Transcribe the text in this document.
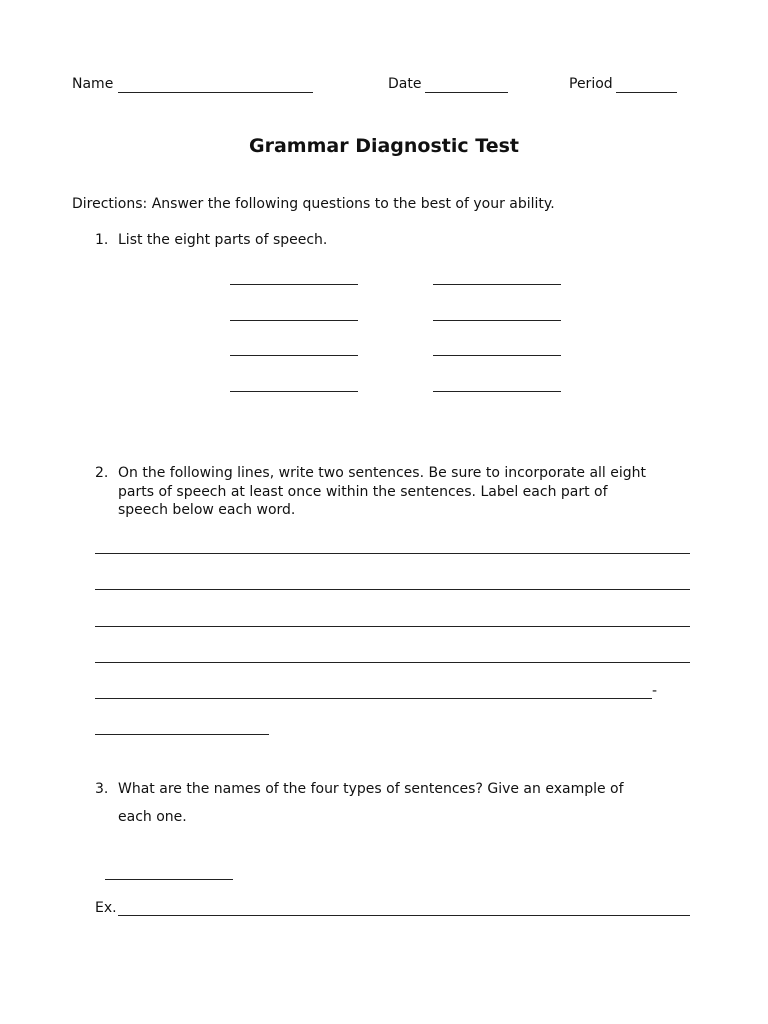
Name	Date	Period
Grammar Diagnostic Test
Directions: Answer the following questions to the best of your ability.
1. List the eight parts of speech.
2. On the following lines, write two sentences. Be sure to incorporate all eight
parts of speech at least once within the sentences. Label each part of
speech below each word.
-
3. What are the names of the four types of sentences? Give an example of
each one.
Ex.
